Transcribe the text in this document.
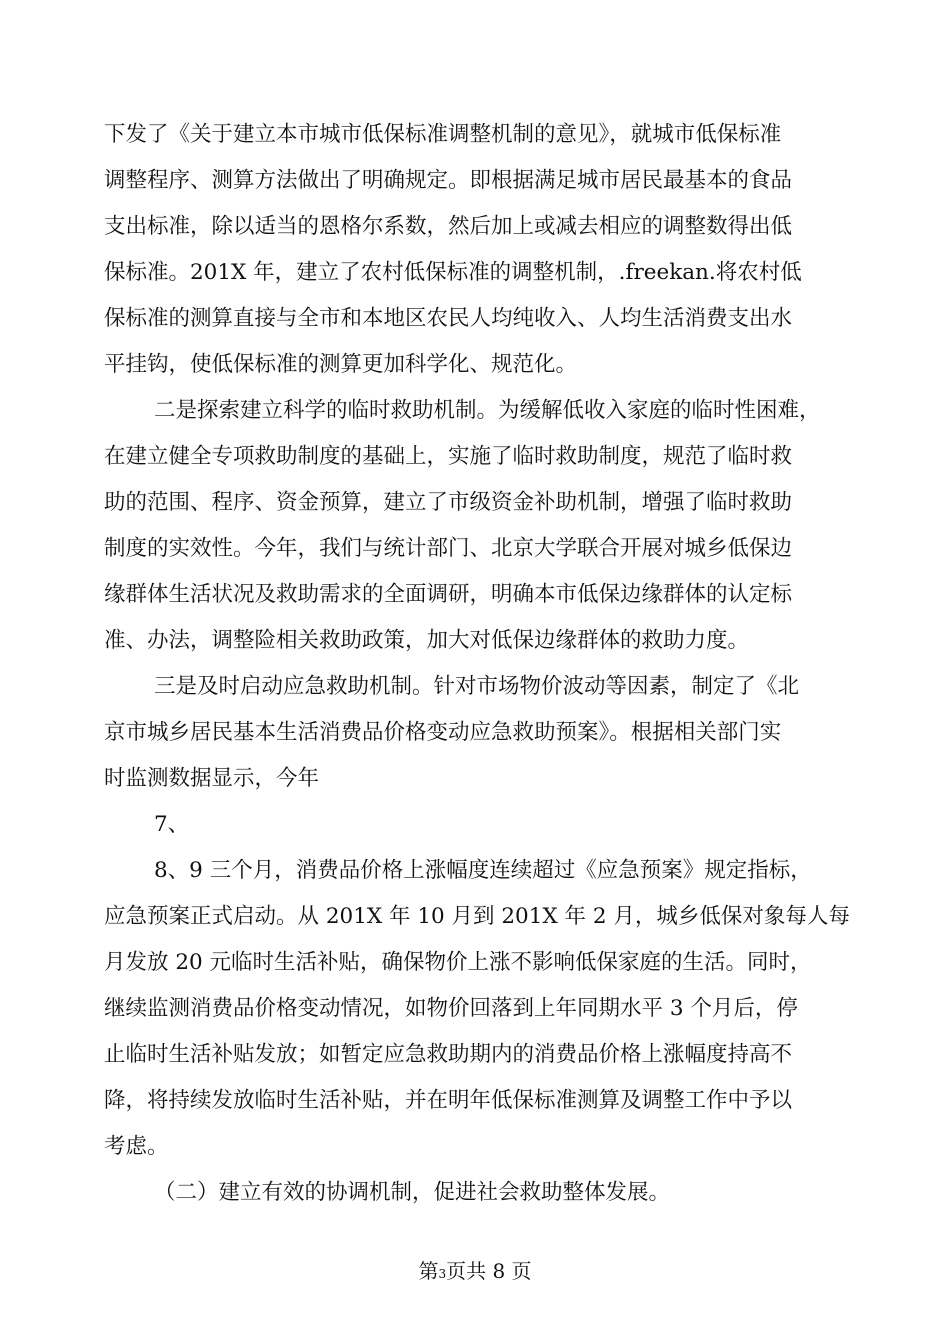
下发了《关于建立本市城市低保标准调整机制的意见》，就城市低保标准
调整程序、测算方法做出了明确规定。即根据满足城市居民最基本的食品
支出标准，除以适当的恩格尔系数，然后加上或减去相应的调整数得出低
保标准。201X 年，建立了农村低保标准的调整机制，.freekan.将农村低
保标准的测算直接与全市和本地区农民人均纯收入、人均生活消费支出水
平挂钩，使低保标准的测算更加科学化、规范化。
二是探索建立科学的临时救助机制。为缓解低收入家庭的临时性困难，
在建立健全专项救助制度的基础上，实施了临时救助制度，规范了临时救
助的范围、程序、资金预算，建立了市级资金补助机制，增强了临时救助
制度的实效性。今年，我们与统计部门、北京大学联合开展对城乡低保边
缘群体生活状况及救助需求的全面调研，明确本市低保边缘群体的认定标
准、办法，调整险相关救助政策，加大对低保边缘群体的救助力度。
三是及时启动应急救助机制。针对市场物价波动等因素，制定了《北
京市城乡居民基本生活消费品价格变动应急救助预案》。根据相关部门实
时监测数据显示，今年
7、
8、9 三个月，消费品价格上涨幅度连续超过《应急预案》规定指标，
应急预案正式启动。从 201X 年 10 月到 201X 年 2 月，城乡低保对象每人每
月发放 20 元临时生活补贴，确保物价上涨不影响低保家庭的生活。同时，
继续监测消费品价格变动情况，如物价回落到上年同期水平 3 个月后，停
止临时生活补贴发放；如暂定应急救助期内的消费品价格上涨幅度持高不
降，将持续发放临时生活补贴，并在明年低保标准测算及调整工作中予以
考虑。
（二）建立有效的协调机制，促进社会救助整体发展。
第3页共 8 页
